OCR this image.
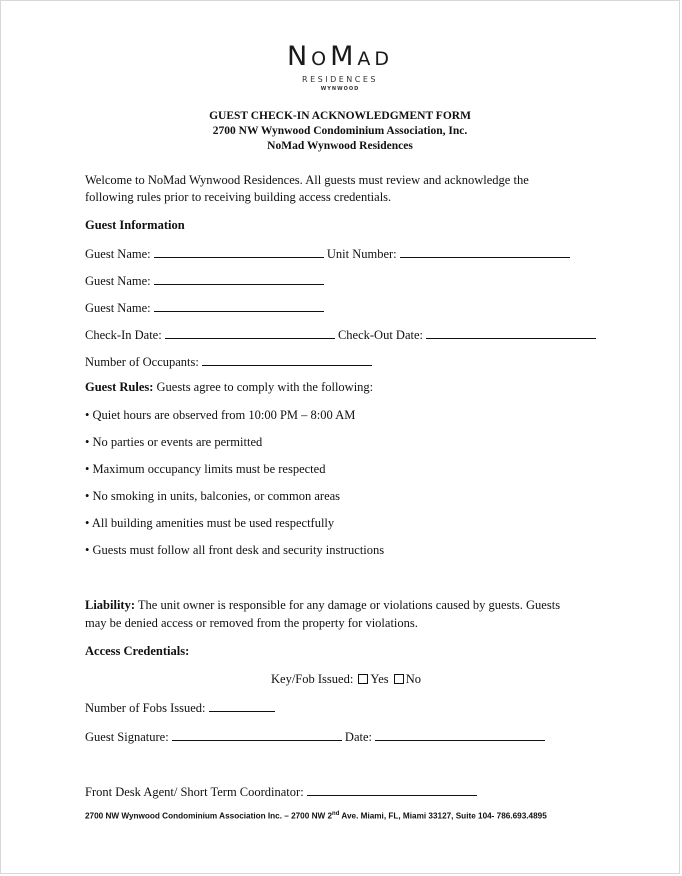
NOMAD
RESIDENCES
WYNWOOD
GUEST CHECK-IN ACKNOWLEDGMENT FORM
2700 NW Wynwood Condominium Association, Inc.
NoMad Wynwood Residences
Welcome to NoMad Wynwood Residences. All guests must review and acknowledge the
following rules prior to receiving building access credentials.
Guest Information
Guest Name:	Unit Number:
Guest Name:
Guest Name:
Check-In Date:	Check-Out Date:
Number of Occupants:
Guest Rules: Guests agree to comply with the following:
• Quiet hours are observed from 10:00 PM – 8:00 AM
• No parties or events are permitted
• Maximum occupancy limits must be respected
• No smoking in units, balconies, or common areas
• All building amenities must be used respectfully
• Guests must follow all front desk and security instructions
Liability: The unit owner is responsible for any damage or violations caused by guests. Guests
may be denied access or removed from the property for violations.
Access Credentials:
Key/Fob Issued: Yes No
Number of Fobs Issued:
Guest Signature:	Date:
Front Desk Agent/ Short Term Coordinator:
2700 NW Wynwood Condominium Association Inc. – 2700 NW 2nd Ave. Miami, FL, Miami 33127, Suite 104- 786.693.4895
